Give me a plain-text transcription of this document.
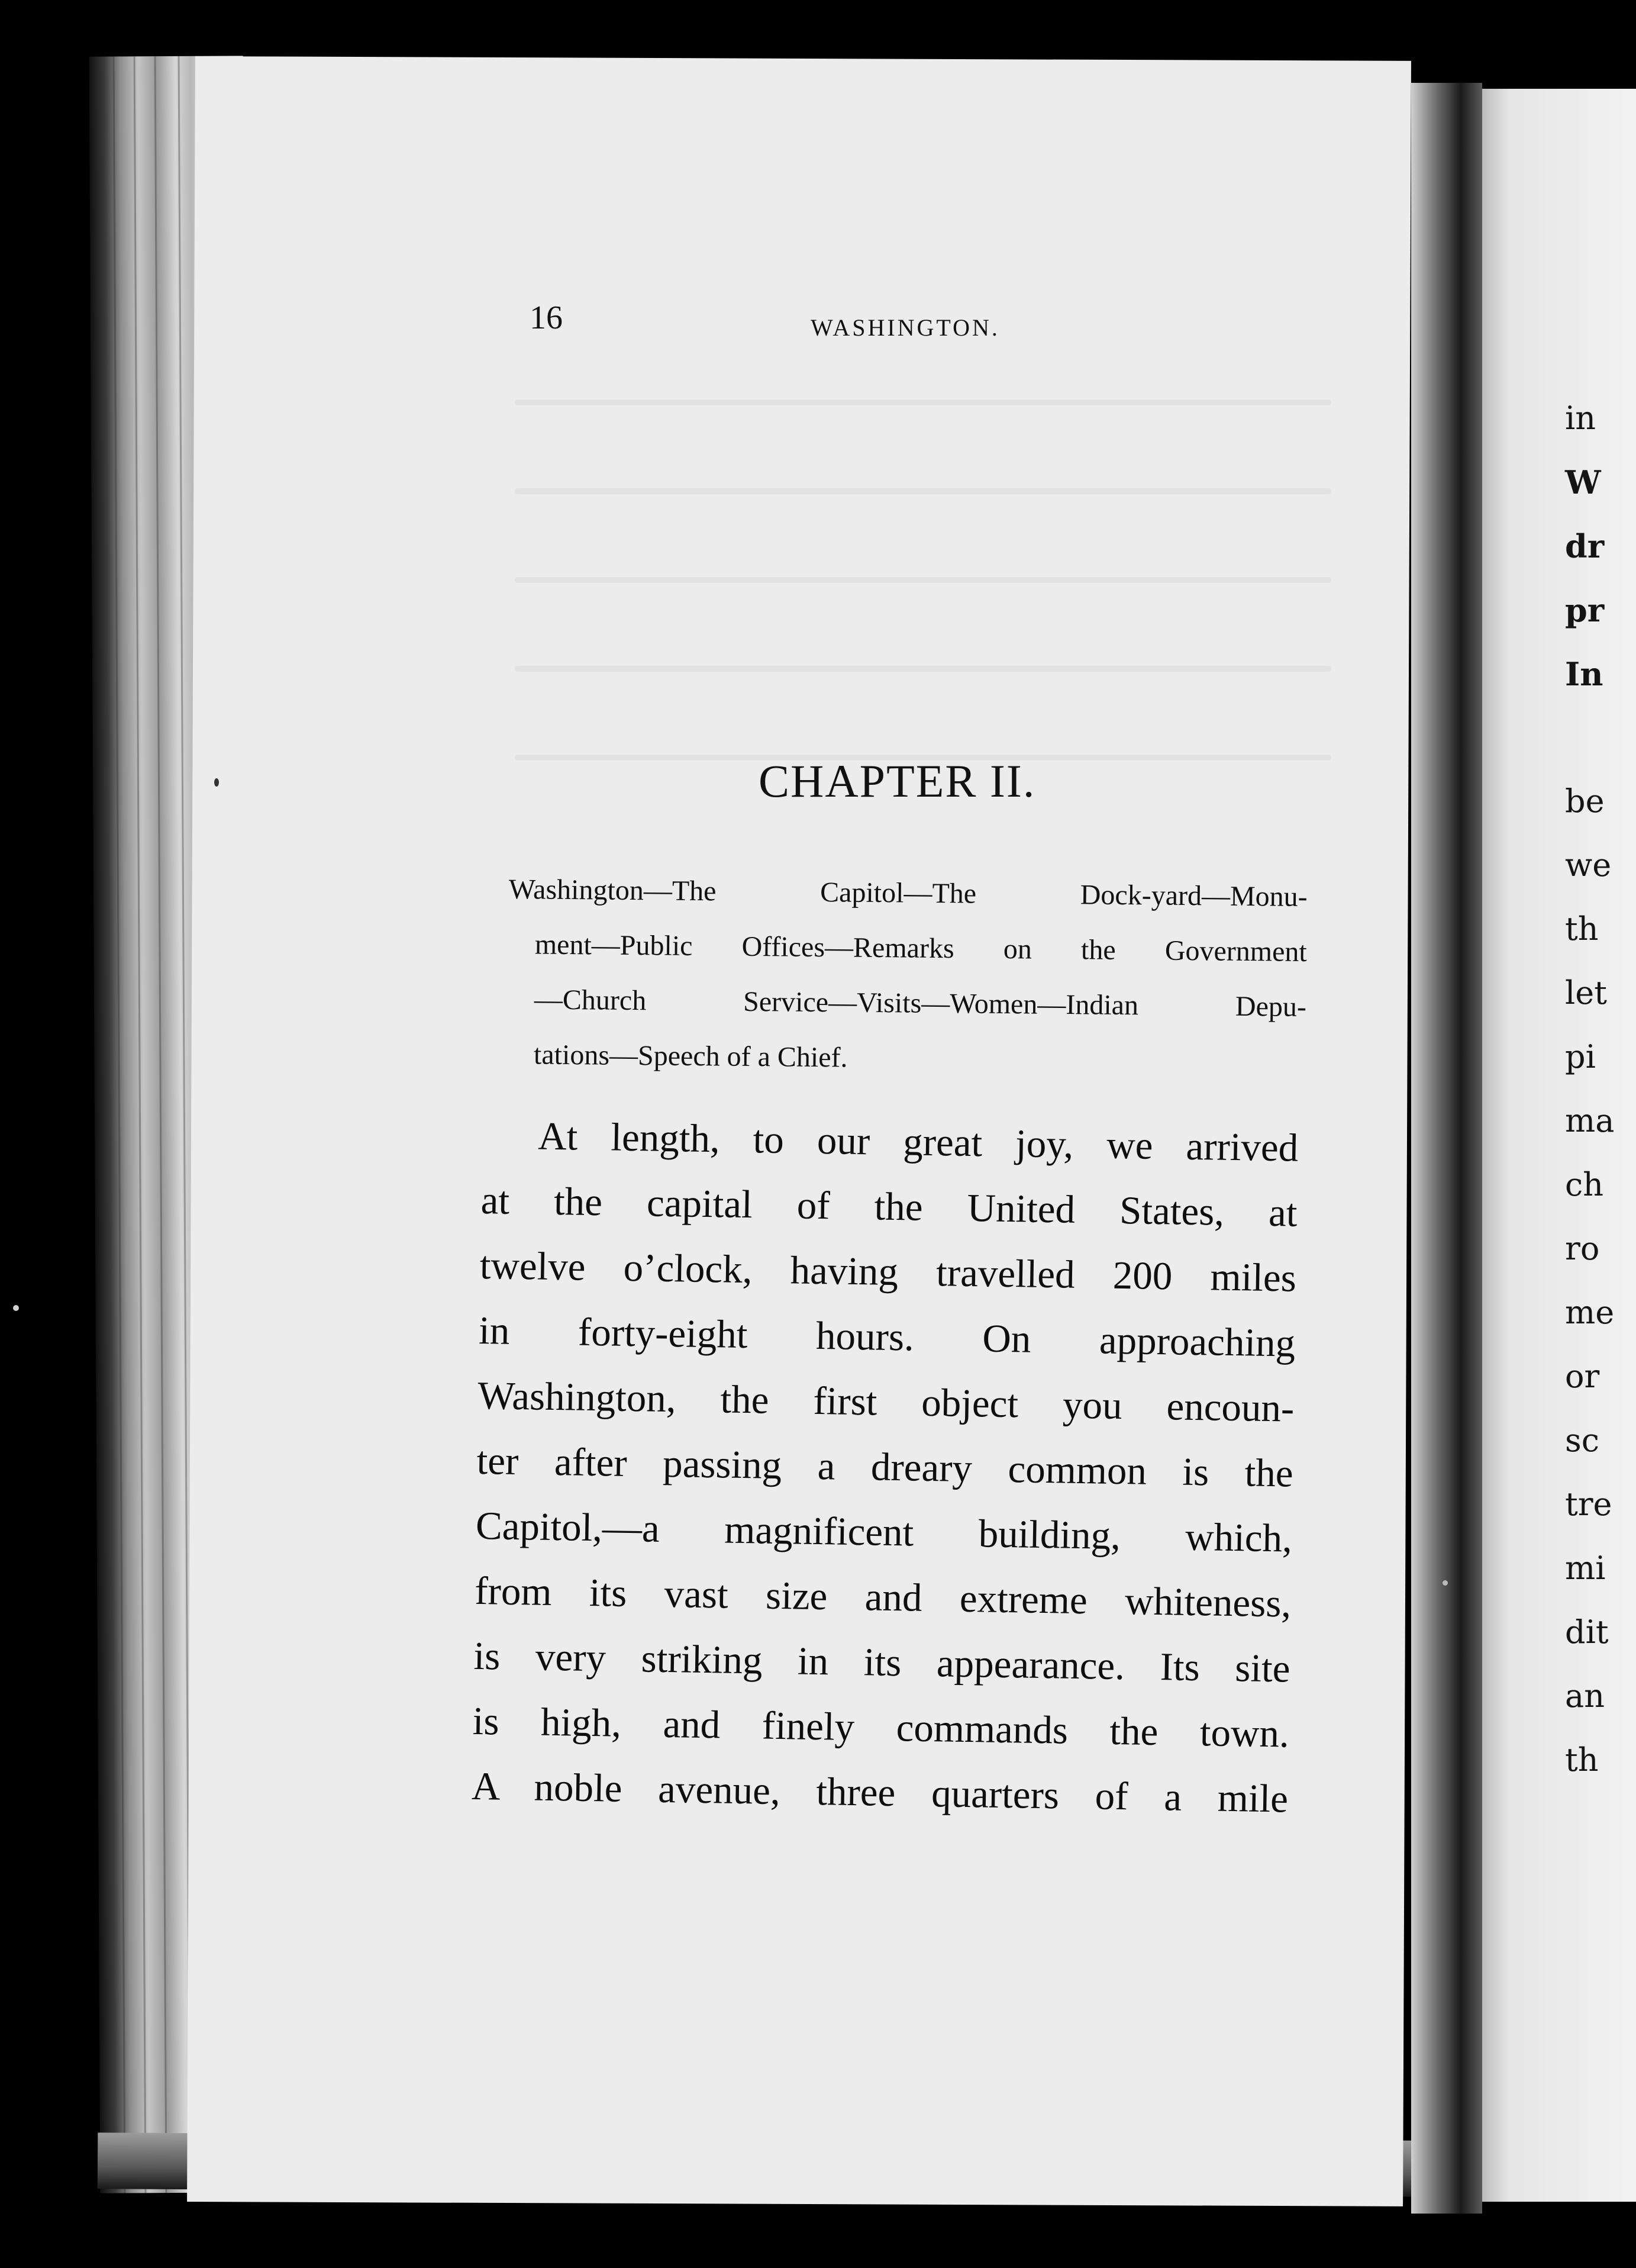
16	WASHINGTON.

CHAPTER II.

Washington—The Capitol—The Dock-yard—Monu-
ment—Public Offices—Remarks on the Government
—Church Service—Visits—Women—Indian Depu-
tations—Speech of a Chief.
At length, to our great joy, we arrived
at the capital of the United States, at
twelve o’clock, having travelled 200 miles
in forty-eight hours. On approaching
Washington, the first object you encoun-
ter after passing a dreary common is the
Capitol,—a magnificent building, which,
from its vast size and extreme whiteness,
is very striking in its appearance. Its site
is high, and finely commands the town.
A noble avenue, three quarters of a mile
in
W
dr
pr
In
be
we
th
let
pi
ma
ch
ro
me
or
sc
tre
mi
dit
an
th
